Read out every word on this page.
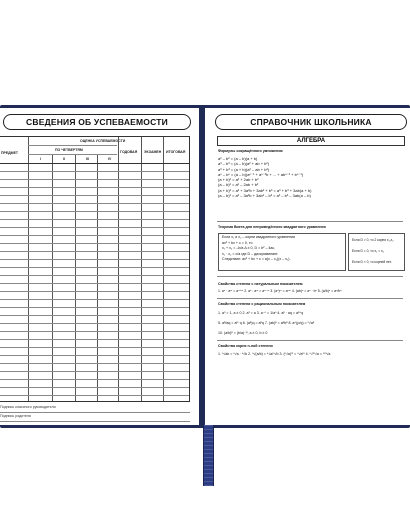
СВЕДЕНИЯ ОБ УСПЕВАЕМОСТИ
ПРЕДМЕТ
ОЦЕНКА УСПЕВАЕМОСТИ
ПО ЧЕТВЕРТЯМ
I	II	III	IV
ГОДОВАЯ ЭКЗАМЕН ИТОГОВАЯ
Подпись классного руководителя
Подпись родителя
СПРАВОЧНИК ШКОЛЬНИКА
АЛГЕБРА
Формулы сокращённого умножения
a² – b² = (a – b)(a + b)
a³ – b³ = (a – b)(a² + ab + b²)
a³ + b³ = (a + b)(a² – ab + b²)
aⁿ – bⁿ = (a – b)(aⁿ⁻¹ + aⁿ⁻²b + ... + abⁿ⁻² + bⁿ⁻¹)
(a + b)² = a² + 2ab + b²
(a – b)² = a² – 2ab + b²
(a + b)³ = a³ + 3a²b + 3ab² + b³ = a³ + b³ + 3ab(a + b)
(a – b)³ = a³ – 3a²b + 3ab² – b³ = a³ – b³ – 3ab(a – b)
Теорема Виета для неприведённого квадратного уравнения
Если x₁ и x₂ – корни квадратного уравнения
ax² + bx + c = 0, то
x₁ + x₂ = –b/a Δ ≠ 0, D = b² – 4ac,
x₁ · x₂ = c/a где D – дискриминант.
Следствие: ax² + bx + c = a(x – x₁)(x – x₂).
Если D > 0, то 2 корня x₁,x₂
Если D = 0, то x₁ = x₂
Если D < 0, то корней нет.
Свойства степени с натуральным показателем
1. aⁿ · aᵐ = aⁿ⁺ᵐ 2. aⁿ : aᵐ = aⁿ⁻ᵐ 3. (aⁿ)ᵐ = aⁿᵐ 4. (ab)ⁿ = aⁿ · bⁿ 5. (a/b)ⁿ = aⁿ/bⁿ
Свойства степени с рациональным показателем
1. a⁰ = 1, a ≠ 0 2. a¹ = a 3. a⁻ⁿ = 1/aⁿ 4. aᵖ · aq = aᵖ⁺q
5. aᵖ/aq = aᵖ⁻q 6. (aᵖ)q = aᵖq 7. (ab)ᵖ = aᵖbᵖ 8. a^(p/q) = ⁿ√aᵖ
10. (a/b)ᵖ = (b/a)⁻ᵖ, a ≠ 0, b ≠ 0
Свойства корня n-ной степени
1. ⁿ√ab = ⁿ√a · ⁿ√b 2. ⁿ√(a/b) = ⁿ√a/ⁿ√b 3. (ⁿ√a)ᵐ = ⁿ√aᵐ 4. ⁿ√ᵐ√a = ⁿᵐ√a
